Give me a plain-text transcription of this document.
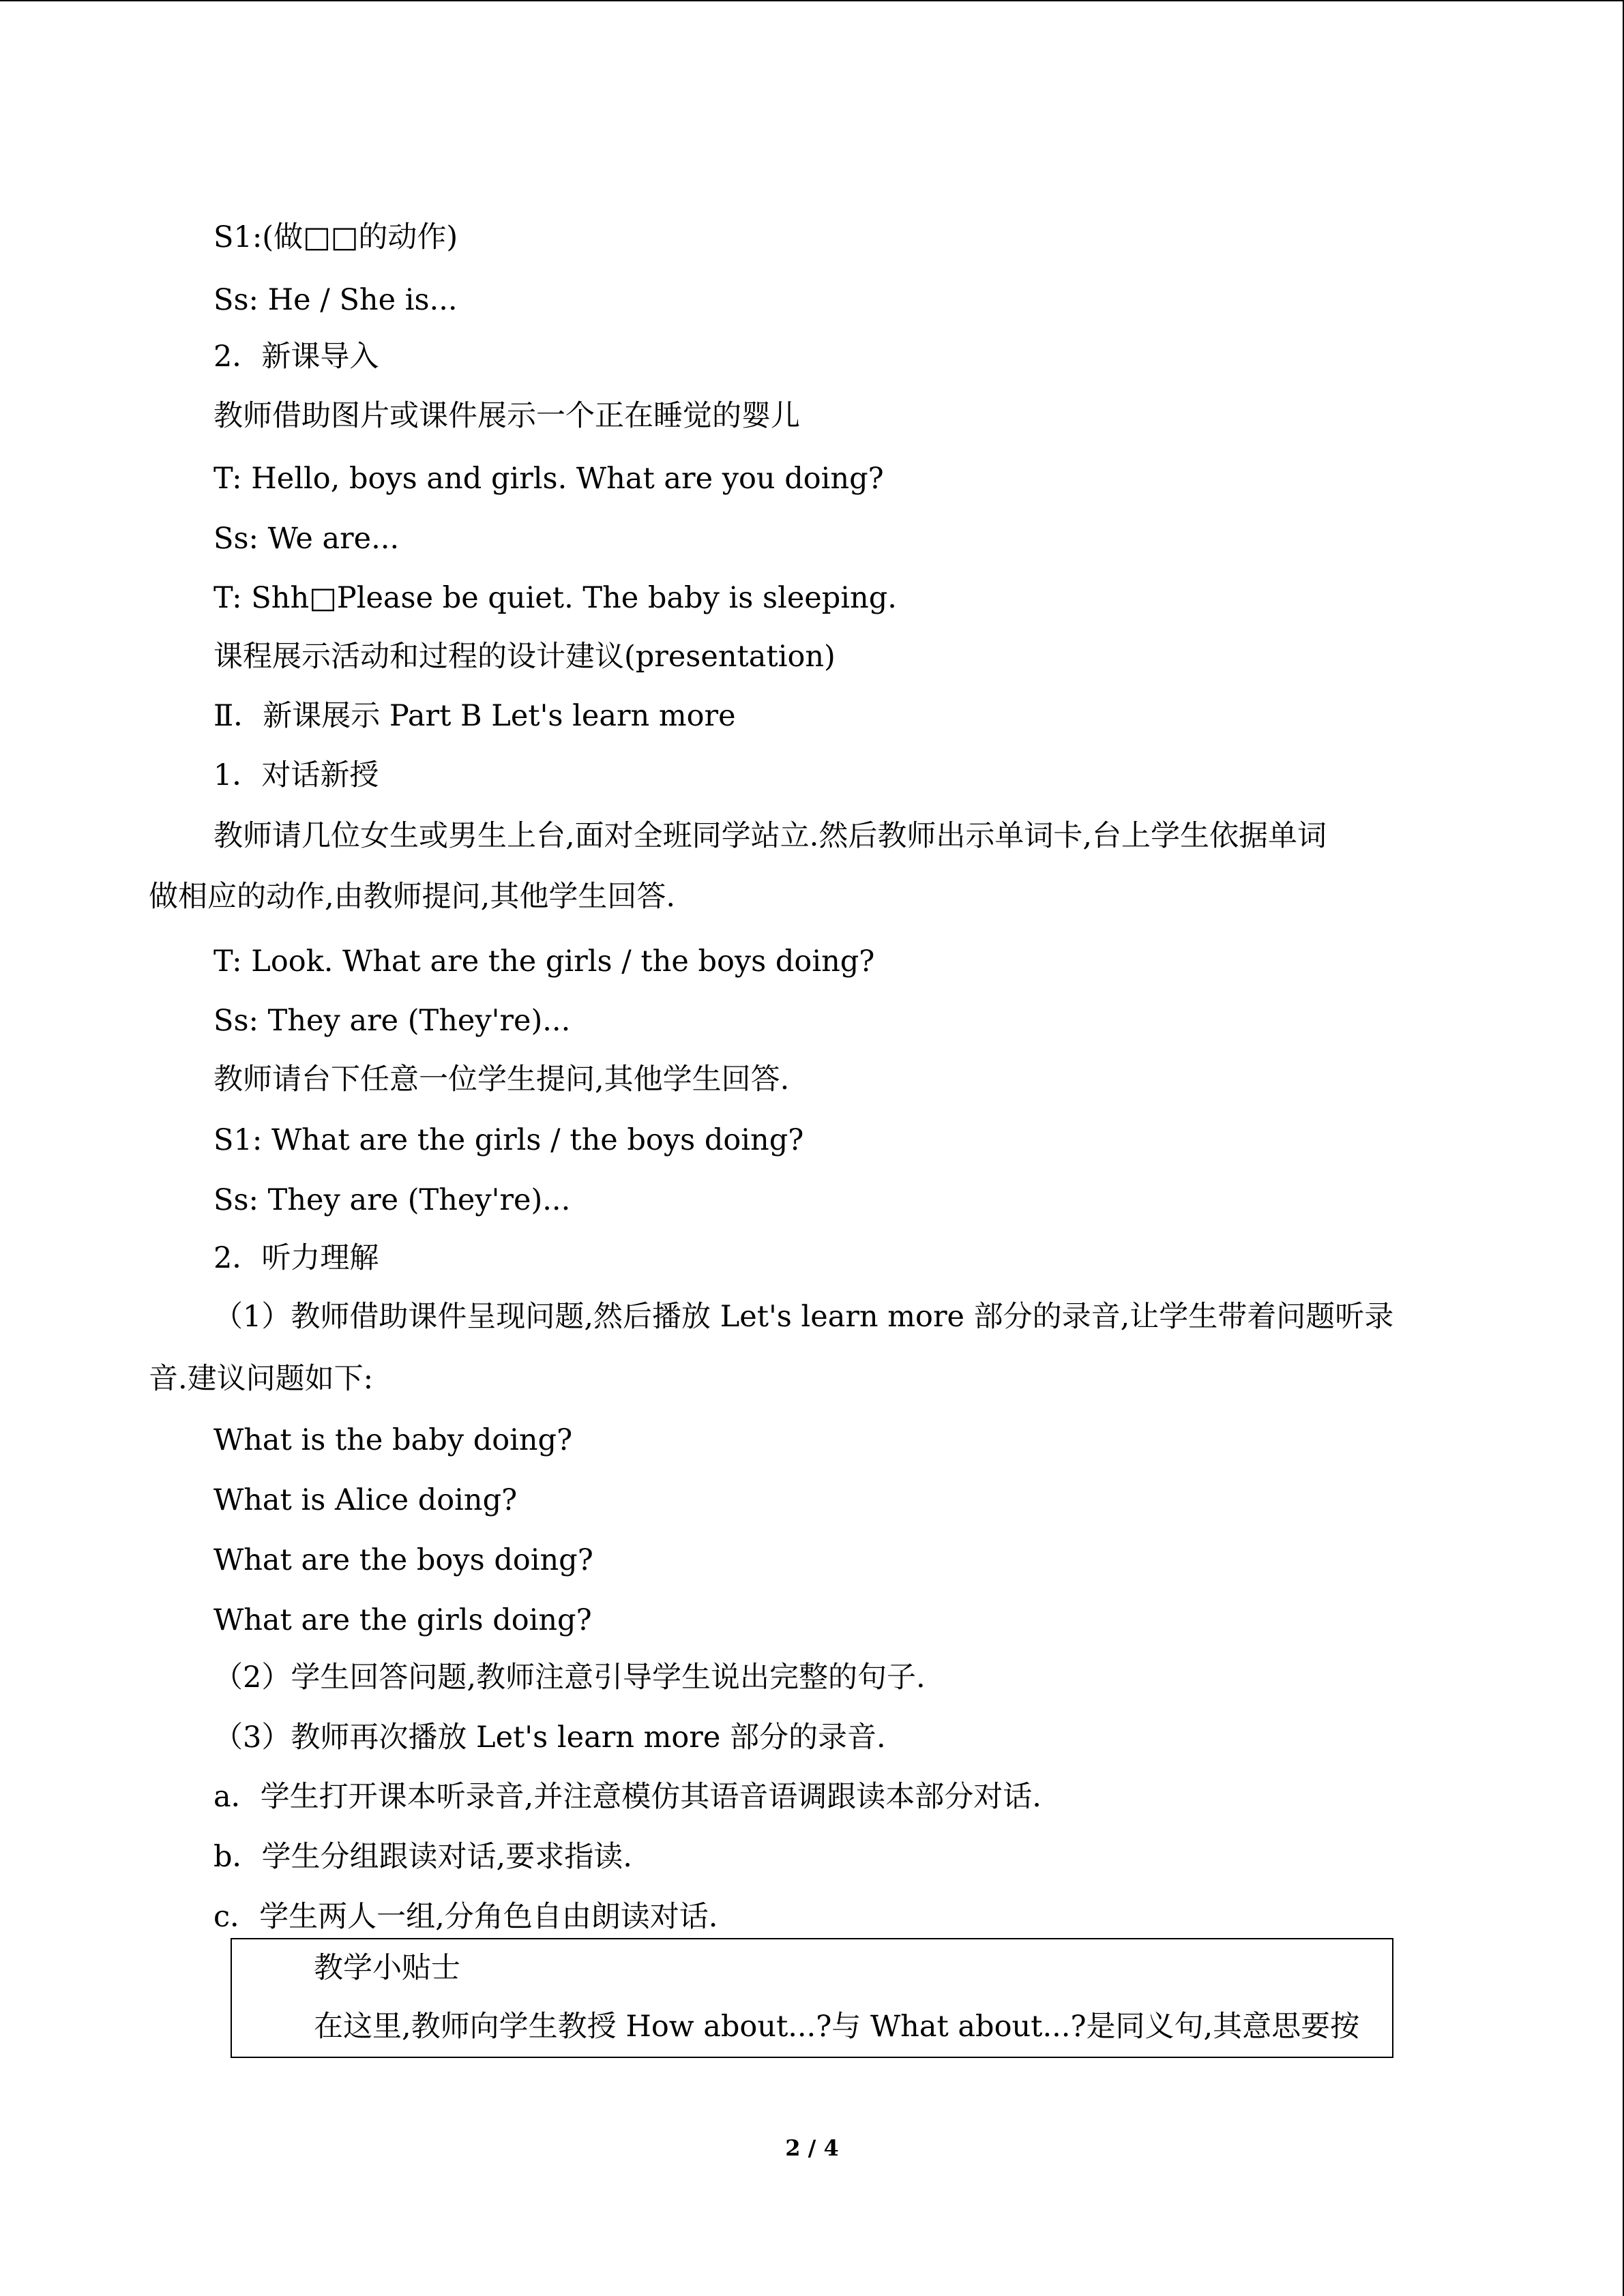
S1:(做□□的动作)
Ss: He / She is...
2．新课导入
教师借助图片或课件展示一个正在睡觉的婴儿
T: Hello, boys and girls. What are you doing?
Ss: We are...
T: Shh□Please be quiet. The baby is sleeping.
课程展示活动和过程的设计建议(presentation)
Ⅱ．新课展示 Part B Let's learn more
1．对话新授
教师请几位女生或男生上台,面对全班同学站立.然后教师出示单词卡,台上学生依据单词
做相应的动作,由教师提问,其他学生回答.
T: Look. What are the girls / the boys doing?
Ss: They are (They're)...
教师请台下任意一位学生提问,其他学生回答.
S1: What are the girls / the boys doing?
Ss: They are (They're)...
2．听力理解
（1）教师借助课件呈现问题,然后播放 Let's learn more 部分的录音,让学生带着问题听录
音.建议问题如下:
What is the baby doing?
What is Alice doing?
What are the boys doing?
What are the girls doing?
（2）学生回答问题,教师注意引导学生说出完整的句子.
（3）教师再次播放 Let's learn more 部分的录音.
a．学生打开课本听录音,并注意模仿其语音语调跟读本部分对话.
b．学生分组跟读对话,要求指读.
c．学生两人一组,分角色自由朗读对话.
教学小贴士
在这里,教师向学生教授 How about...?与 What about...?是同义句,其意思要按
2 / 4
